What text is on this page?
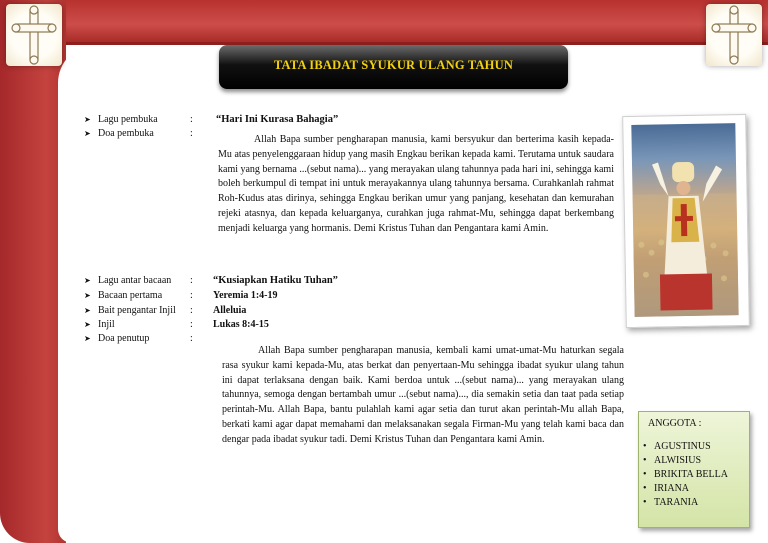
TATA IBADAT SYUKUR ULANG TAHUN
➤ Lagu pembuka	: “Hari Ini Kurasa Bahagia”
➤ Doa pembuka	:
Allah Bapa sumber pengharapan manusia, kami bersyukur dan berterima kasih kepada-Mu atas penyelenggaraan hidup yang masih Engkau berikan kepada kami. Terutama untuk saudara kami yang bernama ...(sebut nama)... yang merayakan ulang tahunnya pada hari ini, sehingga kami boleh berkumpul di tempat ini untuk merayakannya ulang tahunnya bersama. Curahkanlah rahmat Roh-Kudus atas dirinya, sehingga Engkau berikan umur yang panjang, kesehatan dan kemurahan rejeki atasnya, dan kepada keluarganya, curahkan juga rahmat-Mu, sehingga dapat berkembang menjadi keluarga yang hormanis. Demi Kristus Tuhan dan Pengantara kami Amin.
➤ Lagu antar bacaan : “Kusiapkan Hatiku Tuhan”
➤ Bacaan pertama	: Yeremia 1:4-19
➤ Bait pengantar Injil : Alleluia
➤ Injil	: Lukas 8:4-15
➤ Doa penutup	:
Allah Bapa sumber pengharapan manusia, kembali kami umat-umat-Mu haturkan segala rasa syukur kami kepada-Mu, atas berkat dan penyertaan-Mu sehingga ibadat syukur ulang tahun ini dapat terlaksana dengan baik. Kami berdoa untuk ...(sebut nama)... yang merayakan ulang tahunnya, semoga dengan bertambah umur ...(sebut nama)..., dia semakin setia dan taat pada setiap perintah-Mu. Allah Bapa, bantu pulahlah kami agar setia dan turut akan perintah-Mu allah Bapa, berkati kami agar dapat memahami dan melaksanakan segala Firman-Mu yang telah kami baca dan dengar pada ibadat syukur tadi. Demi Kristus Tuhan dan Pengantara kami Amin.
ANGGOTA :
• AGUSTINUS
• ALWISIUS
• BRIKITA BELLA
• IRIANA
• TARANIA
